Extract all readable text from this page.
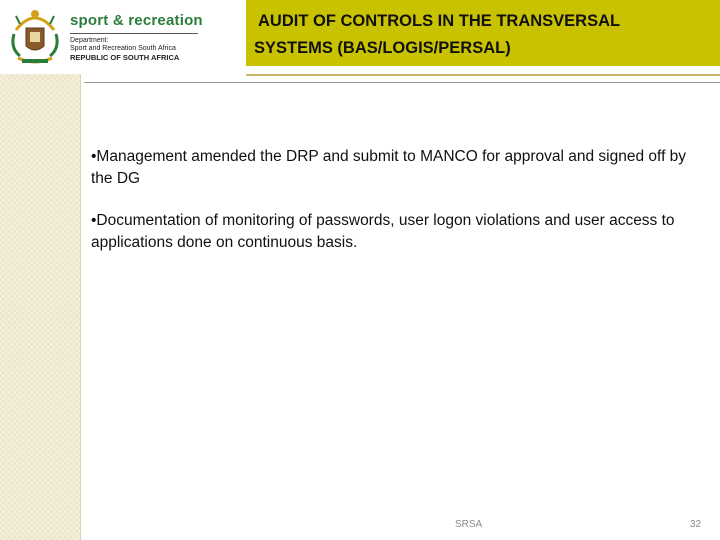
sport & recreation
Department:
Sport and Recreation South Africa
REPUBLIC OF SOUTH AFRICA
AUDIT OF CONTROLS IN THE TRANSVERSAL
SYSTEMS (BAS/LOGIS/PERSAL)
•Management amended the DRP and submit to MANCO for approval and signed off by the DG
•Documentation of monitoring of passwords, user logon violations and user access to applications done on continuous basis.
SRSA	32
